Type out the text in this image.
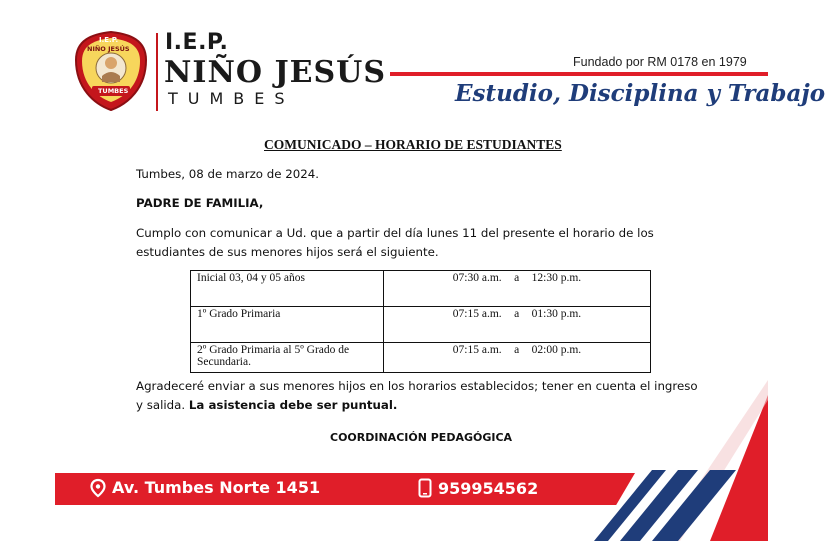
I.E.P.
NIÑO JESÚS
TUMBES
I.E.P.
NIÑO JESÚS
TUMBES
Fundado por RM 0178 en 1979
Estudio, Disciplina y Trabajo
COMUNICADO – HORARIO DE ESTUDIANTES
Tumbes, 08 de marzo de 2024.
PADRE DE FAMILIA,
Cumplo con comunicar a Ud. que a partir del día lunes 11 del presente el horario de los estudiantes de sus menores hijos será el siguiente.
Inicial 03, 04 y 05 años	07:30 a.m. a 12:30 p.m.
1º Grado Primaria	07:15 a.m. a 01:30 p.m.
2º Grado Primaria al 5º Grado de Secundaria.	07:15 a.m. a 02:00 p.m.
Agradeceré enviar a sus menores hijos en los horarios establecidos; tener en cuenta el ingreso y salida. La asistencia debe ser puntual.
COORDINACIÓN PEDAGÓGICA
Av. Tumbes Norte 1451	959954562
